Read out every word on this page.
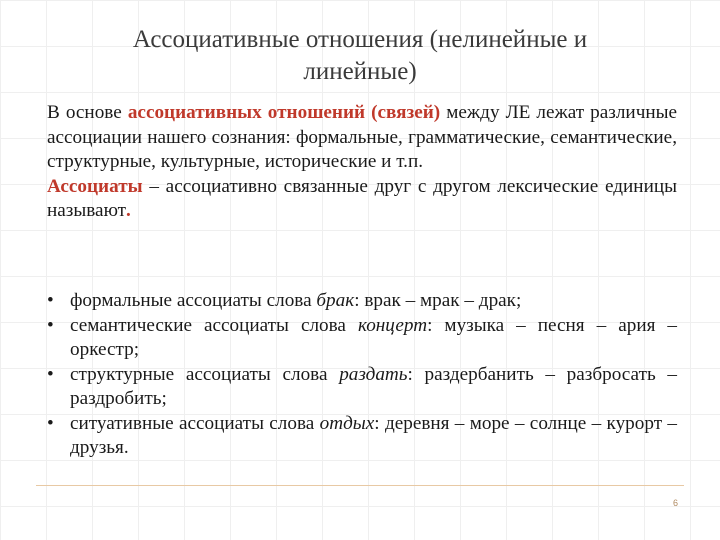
Ассоциативные отношения (нелинейные и линейные)
В основе ассоциативных отношений (связей) между ЛЕ лежат различные ассоциации нашего сознания: формальные, грамматические, семантические, структурные, культурные, исторические и т.п.
Ассоциаты – ассоциативно связанные друг с другом лексические единицы называют.
• формальные ассоциаты слова брак: врак – мрак – драк;
• семантические ассоциаты слова концерт: музыка – песня – ария – оркестр;
• структурные ассоциаты слова раздать: раздербанить – разбросать – раздробить;
• ситуативные ассоциаты слова отдых: деревня – море – солнце – курорт – друзья.
6
